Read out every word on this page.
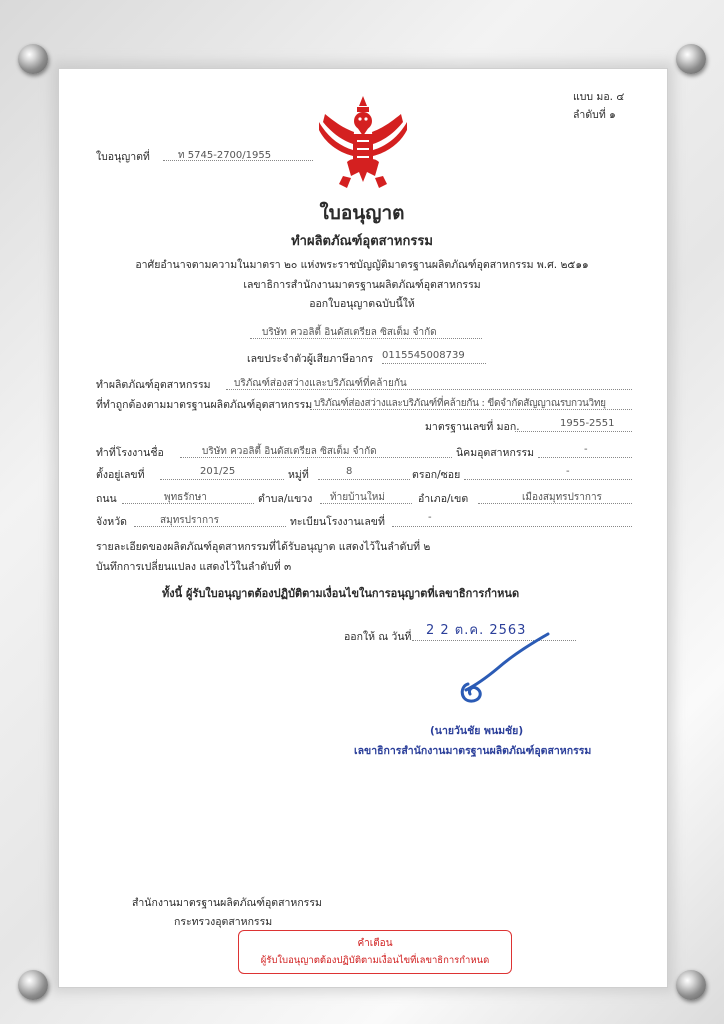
แบบ มอ. ๔
ลำดับที่ ๑
ใบอนุญาตที่	ท 5745-2700/1955
ใบอนุญาต
ทำผลิตภัณฑ์อุตสาหกรรม
อาศัยอำนาจตามความในมาตรา ๒๐ แห่งพระราชบัญญัติมาตรฐานผลิตภัณฑ์อุตสาหกรรม พ.ศ. ๒๕๑๑
เลขาธิการสำนักงานมาตรฐานผลิตภัณฑ์อุตสาหกรรม
ออกใบอนุญาตฉบับนี้ให้
บริษัท ควอลิตี้ อินดัสเตรียล ซิสเต็ม จำกัด
เลขประจำตัวผู้เสียภาษีอากร 0115545008739
ทำผลิตภัณฑ์อุตสาหกรรม บริภัณฑ์ส่องสว่างและบริภัณฑ์ที่คล้ายกัน
ที่ทำถูกต้องตามมาตรฐานผลิตภัณฑ์อุตสาหกรรม บริภัณฑ์ส่องสว่างและบริภัณฑ์ที่คล้ายกัน : ขีดจำกัดสัญญาณรบกวนวิทยุ
มาตรฐานเลขที่ มอก.	1955-2551
ทำที่โรงงานชื่อ	บริษัท ควอลิตี้ อินดัสเตรียล ซิสเต็ม จำกัด	นิคมอุตสาหกรรม	-
ตั้งอยู่เลขที่	201/25	หมู่ที่	8	ตรอก/ซอย	-
ถนน	พุทธรักษา	ตำบล/แขวง ท้ายบ้านใหม่	อำเภอ/เขต	เมืองสมุทรปราการ
จังหวัด	สมุทรปราการ	ทะเบียนโรงงานเลขที่	-
รายละเอียดของผลิตภัณฑ์อุตสาหกรรมที่ได้รับอนุญาต แสดงไว้ในลำดับที่ ๒
บันทึกการเปลี่ยนแปลง แสดงไว้ในลำดับที่ ๓
ทั้งนี้ ผู้รับใบอนุญาตต้องปฏิบัติตามเงื่อนไขในการอนุญาตที่เลขาธิการกำหนด
ออกให้ ณ วันที่ 2 2 ต.ค. 2563
(นายวันชัย พนมชัย)
เลขาธิการสำนักงานมาตรฐานผลิตภัณฑ์อุตสาหกรรม
สำนักงานมาตรฐานผลิตภัณฑ์อุตสาหกรรม
กระทรวงอุตสาหกรรม
คำเตือน
ผู้รับใบอนุญาตต้องปฏิบัติตามเงื่อนไขที่เลขาธิการกำหนด
